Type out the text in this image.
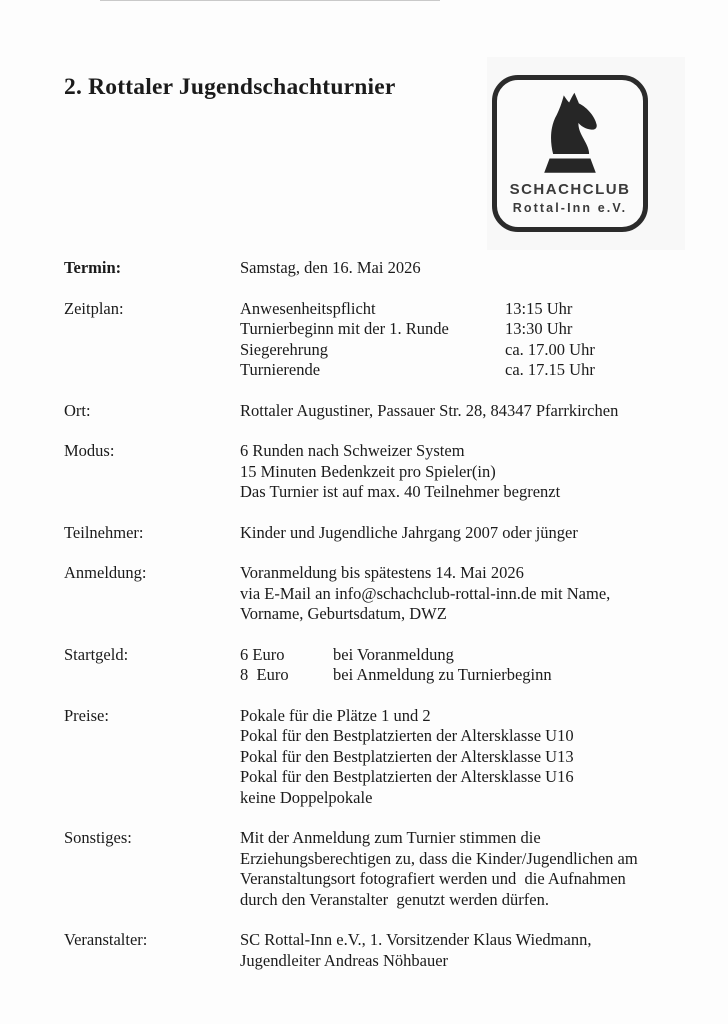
2. Rottaler Jugendschachturnier
SCHACHCLUB
Rottal-Inn e.V.
Termin:	Samstag, den 16. Mai 2026
Zeitplan:	Anwesenheitspflicht	13:15 Uhr
Turnierbeginn mit der 1. Runde	13:30 Uhr
Siegerehrung	ca. 17.00 Uhr
Turnierende	ca. 17.15 Uhr
Ort:	Rottaler Augustiner, Passauer Str. 28, 84347 Pfarrkirchen
Modus:	6 Runden nach Schweizer System
15 Minuten Bedenkzeit pro Spieler(in)
Das Turnier ist auf max. 40 Teilnehmer begrenzt
Teilnehmer:	Kinder und Jugendliche Jahrgang 2007 oder jünger
Anmeldung:	Voranmeldung bis spätestens 14. Mai 2026
via E-Mail an info@schachclub-rottal-inn.de mit Name,
Vorname, Geburtsdatum, DWZ
Startgeld:	6 Euro	bei Voranmeldung
8  Euro	bei Anmeldung zu Turnierbeginn
Preise:	Pokale für die Plätze 1 und 2
Pokal für den Bestplatzierten der Altersklasse U10
Pokal für den Bestplatzierten der Altersklasse U13
Pokal für den Bestplatzierten der Altersklasse U16
keine Doppelpokale
Sonstiges:	Mit der Anmeldung zum Turnier stimmen die
Erziehungsberechtigen zu, dass die Kinder/Jugendlichen am
Veranstaltungsort fotografiert werden und  die Aufnahmen
durch den Veranstalter  genutzt werden dürfen.
Veranstalter:	SC Rottal-Inn e.V., 1. Vorsitzender Klaus Wiedmann,
Jugendleiter Andreas Nöhbauer
